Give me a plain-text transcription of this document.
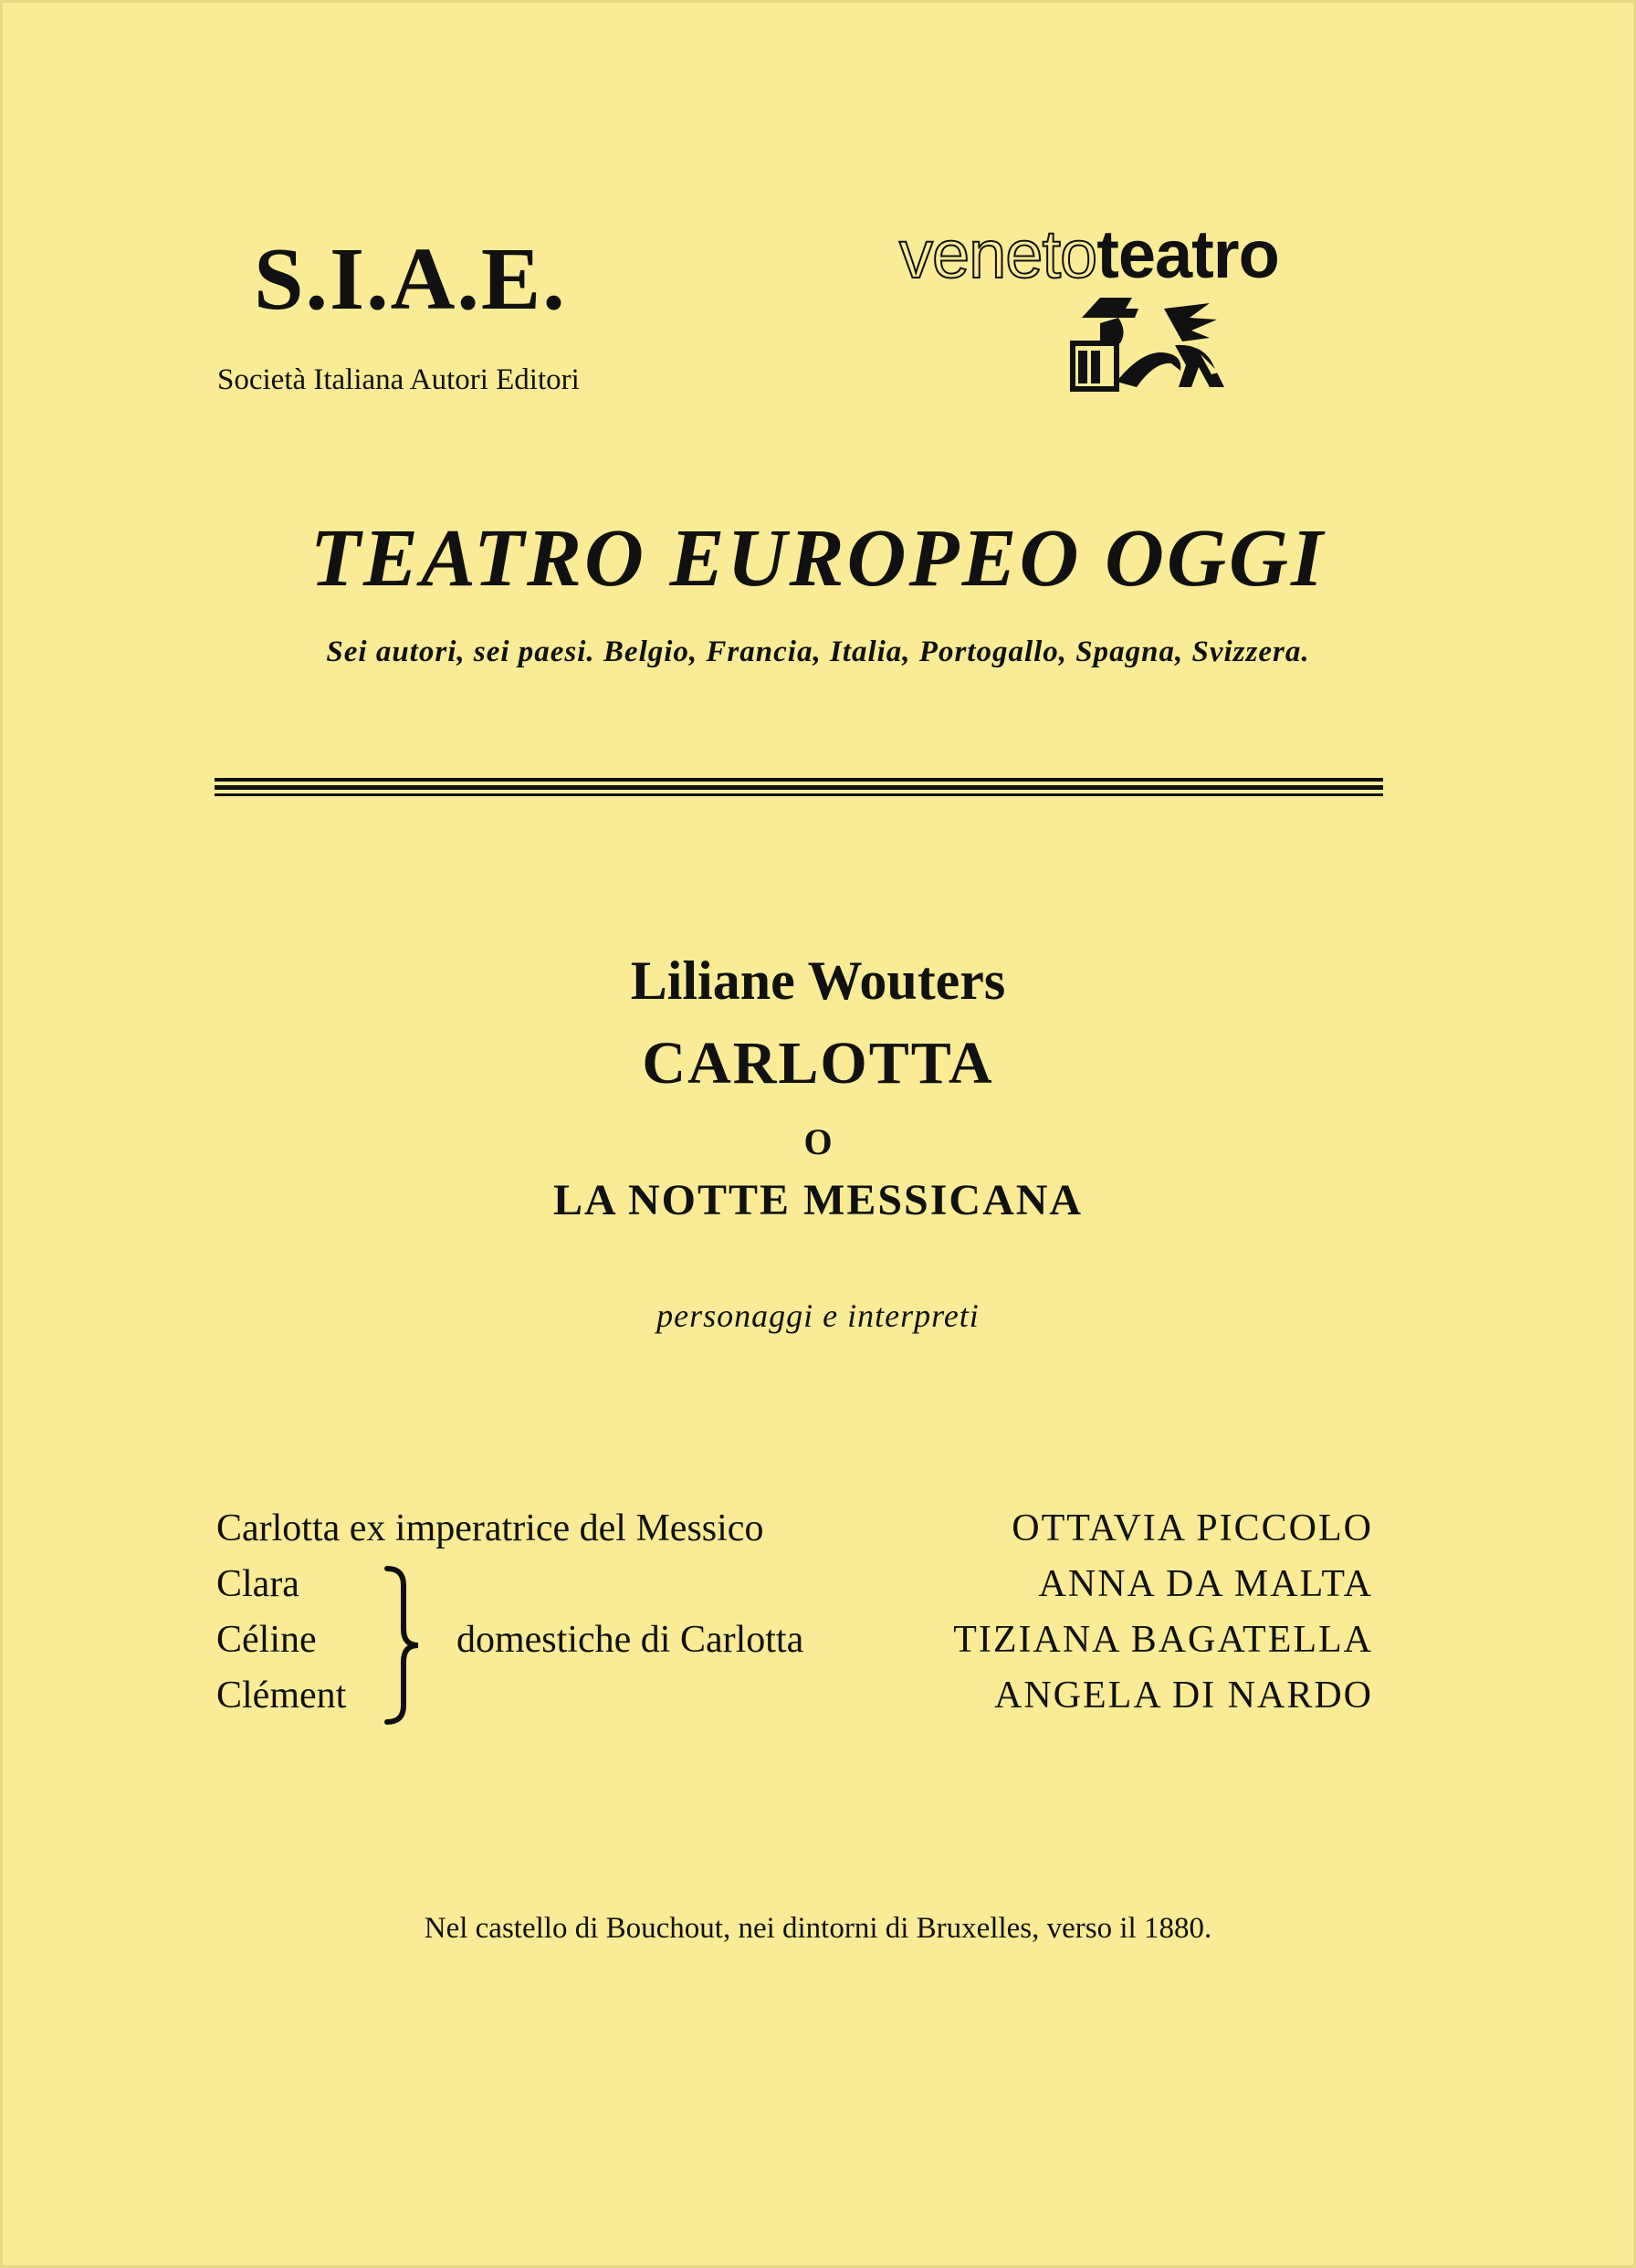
S.I.A.E.
Società Italiana Autori Editori
venetoteatro
TEATRO EUROPEO OGGI
Sei autori, sei paesi. Belgio, Francia, Italia, Portogallo, Spagna, Svizzera.
Liliane Wouters
CARLOTTA
O
LA NOTTE MESSICANA
personaggi e interpreti
Carlotta ex imperatrice del Messico	OTTAVIA PICCOLO
Clara	ANNA DA MALTA
Céline	TIZIANA BAGATELLA
Clément	ANGELA DI NARDO
domestiche di Carlotta
Nel castello di Bouchout, nei dintorni di Bruxelles, verso il 1880.
